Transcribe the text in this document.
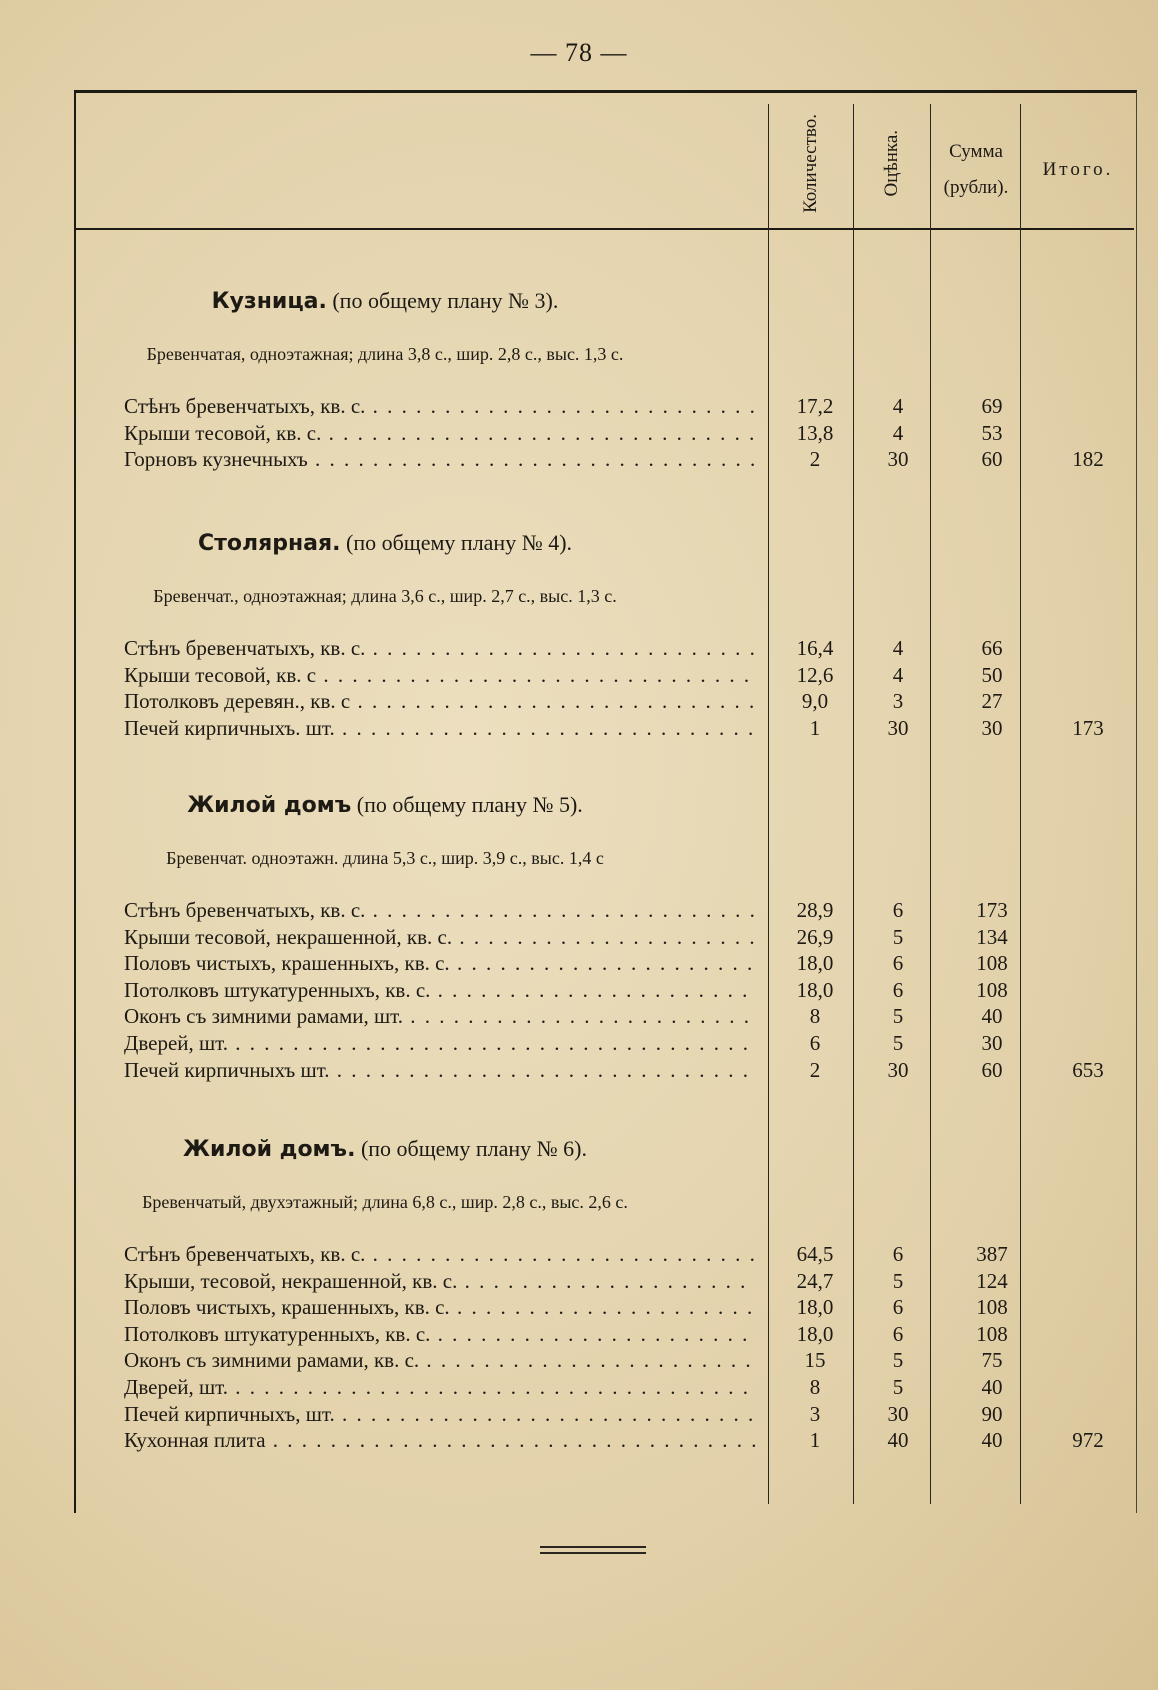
— 78 —
Количество.	Оцѣнка.	Сумма
(рубли).
Итого.
Кузница. (по общему плану № 3).
Бревенчатая, одноэтажная; длина 3,8 с., шир. 2,8 с., выс. 1,3 с.
Стѣнъ бревенчатыхъ, кв. с. . . .	17,2	4	69
Крыши тесовой, кв. с. . . .	13,8	4	53
Горновъ кузнечныхъ . . .	2	30	60	182
Столярная. (по общему плану № 4).
Бревенчат., одноэтажная; длина 3,6 с., шир. 2,7 с., выс. 1,3 с.
Стѣнъ бревенчатыхъ, кв. с. . . .	16,4	4	66
Крыши тесовой, кв. с . . .	12,6	4	50
Потолковъ деревян., кв. с . . .	9,0	3	27
Печей кирпичныхъ. шт. . . .	1	30	30	173
Жилой домъ (по общему плану № 5).
Бревенчат. одноэтажн. длина 5,3 с., шир. 3,9 с., выс. 1,4 с
Стѣнъ бревенчатыхъ, кв. с. . . .	28,9	6	173
Крыши тесовой, некрашенной, кв. с. . . .	26,9	5	134
Половъ чистыхъ, крашенныхъ, кв. с. . . .	18,0	6	108
Потолковъ штукатуренныхъ, кв. с. . . .	18,0	6	108
Оконъ съ зимними рамами, шт. . . .	8	5	40
Дверей, шт. . . .	6	5	30
Печей кирпичныхъ шт. . . .	2	30	60	653
Жилой домъ. (по общему плану № 6).
Бревенчатый, двухэтажный; длина 6,8 с., шир. 2,8 с., выс. 2,6 с.
Стѣнъ бревенчатыхъ, кв. с. . . .	64,5	6	387
Крыши, тесовой, некрашенной, кв. с. . . .	24,7	5	124
Половъ чистыхъ, крашенныхъ, кв. с. . . .	18,0	6	108
Потолковъ штукатуренныхъ, кв. с. . . .	18,0	6	108
Оконъ съ зимними рамами, кв. с. . . .	15	5	75
Дверей, шт. . . .	8	5	40
Печей кирпичныхъ, шт. . . .	3	30	90
Кухонная плита . . .	1	40	40	972
